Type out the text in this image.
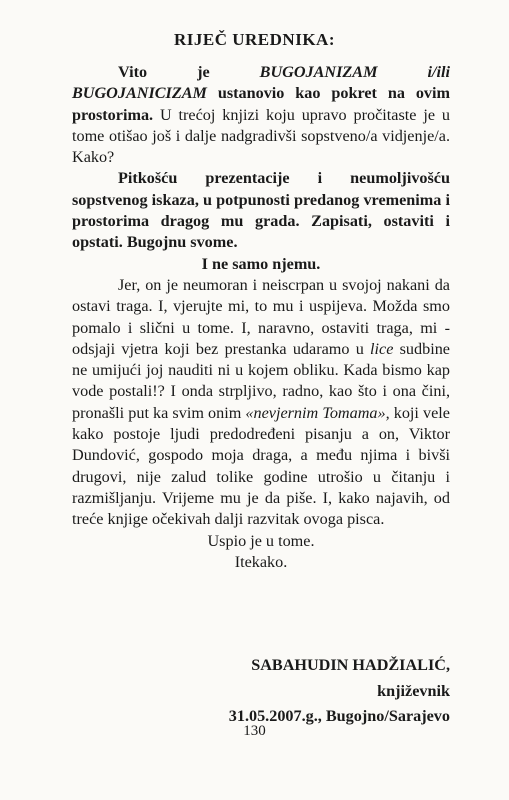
RIJEČ UREDNIKA:

Vito je BUGOJANIZAM i/ili BUGOJANICIZAM ustanovio kao pokret na ovim prostorima. U trećoj knjizi koju upravo pročitaste je u tome otišao još i dalje nadgradivši sopstveno/a vidjenje/a. Kako?

Pitkošću prezentacije i neumoljivošću sopstvenog iskaza, u potpunosti predanog vremenima i prostorima dragog mu grada. Zapisati, ostaviti i opstati. Bugojnu svome.

I ne samo njemu.

Jer, on je neumoran i neiscrpan u svojoj nakani da ostavi traga. I, vjerujte mi, to mu i uspijeva. Možda smo pomalo i slični u tome. I, naravno, ostaviti traga, mi - odsjaji vjetra koji bez prestanka udaramo u lice sudbine ne umijući joj nauditi ni u kojem obliku. Kada bismo kap vode postali!? I onda strpljivo, radno, kao što i ona čini, pronašli put ka svim onim «nevjernim Tomama», koji vele kako postoje ljudi predodređeni pisanju a on, Viktor Dundović, gospodo moja draga, a među njima i bivši drugovi, nije zalud tolike godine utrošio u čitanju i razmišljanju. Vrijeme mu je da piše. I, kako najavih, od treće knjige očekivah dalji razvitak ovoga pisca.

Uspio je u tome.

Itekako.

SABAHUDIN HADŽIALIĆ,
književnik
31.05.2007.g., Bugojno/Sarajevo
130
